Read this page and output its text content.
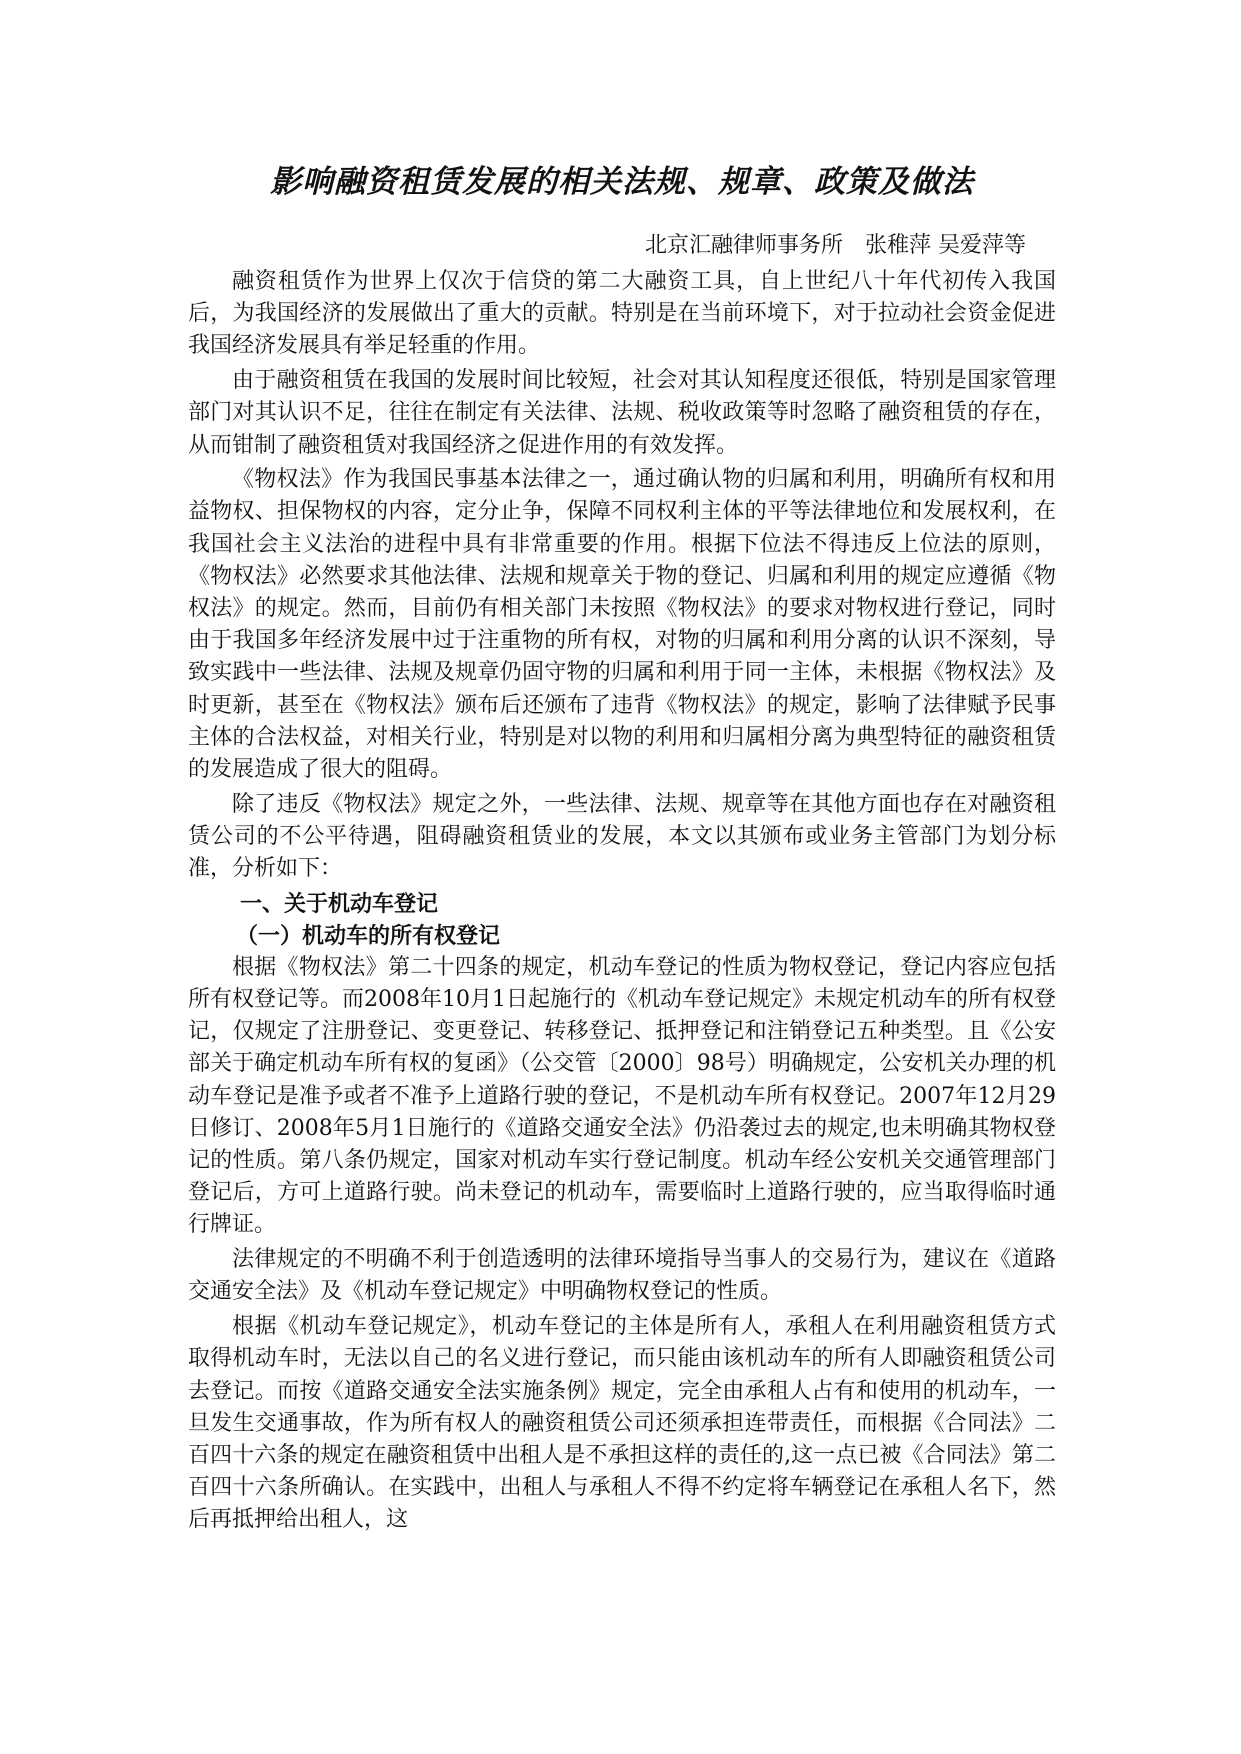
影响融资租赁发展的相关法规、规章、政策及做法
北京汇融律师事务所　张稚萍 吴爱萍等

融资租赁作为世界上仅次于信贷的第二大融资工具，自上世纪八十年代初传入我国后，为我国经济的发展做出了重大的贡献。特别是在当前环境下，对于拉动社会资金促进我国经济发展具有举足轻重的作用。

由于融资租赁在我国的发展时间比较短，社会对其认知程度还很低，特别是国家管理部门对其认识不足，往往在制定有关法律、法规、税收政策等时忽略了融资租赁的存在，从而钳制了融资租赁对我国经济之促进作用的有效发挥。

《物权法》作为我国民事基本法律之一，通过确认物的归属和利用，明确所有权和用益物权、担保物权的内容，定分止争，保障不同权利主体的平等法律地位和发展权利，在我国社会主义法治的进程中具有非常重要的作用。根据下位法不得违反上位法的原则，《物权法》必然要求其他法律、法规和规章关于物的登记、归属和利用的规定应遵循《物权法》的规定。然而，目前仍有相关部门未按照《物权法》的要求对物权进行登记，同时由于我国多年经济发展中过于注重物的所有权，对物的归属和利用分离的认识不深刻，导致实践中一些法律、法规及规章仍固守物的归属和利用于同一主体，未根据《物权法》及时更新，甚至在《物权法》颁布后还颁布了违背《物权法》的规定，影响了法律赋予民事主体的合法权益，对相关行业，特别是对以物的利用和归属相分离为典型特征的融资租赁的发展造成了很大的阻碍。

除了违反《物权法》规定之外，一些法律、法规、规章等在其他方面也存在对融资租赁公司的不公平待遇，阻碍融资租赁业的发展，本文以其颁布或业务主管部门为划分标准，分析如下：

一、关于机动车登记
（一）机动车的所有权登记

根据《物权法》第二十四条的规定，机动车登记的性质为物权登记，登记内容应包括所有权登记等。而2008年10月1日起施行的《机动车登记规定》未规定机动车的所有权登记，仅规定了注册登记、变更登记、转移登记、抵押登记和注销登记五种类型。且《公安部关于确定机动车所有权的复函》（公交管〔2000〕98号）明确规定，公安机关办理的机动车登记是准予或者不准予上道路行驶的登记，不是机动车所有权登记。2007年12月29日修订、2008年5月1日施行的《道路交通安全法》仍沿袭过去的规定,也未明确其物权登记的性质。第八条仍规定，国家对机动车实行登记制度。机动车经公安机关交通管理部门登记后，方可上道路行驶。尚未登记的机动车，需要临时上道路行驶的，应当取得临时通行牌证。

法律规定的不明确不利于创造透明的法律环境指导当事人的交易行为，建议在《道路交通安全法》及《机动车登记规定》中明确物权登记的性质。

根据《机动车登记规定》，机动车登记的主体是所有人，承租人在利用融资租赁方式取得机动车时，无法以自己的名义进行登记，而只能由该机动车的所有人即融资租赁公司去登记。而按《道路交通安全法实施条例》规定，完全由承租人占有和使用的机动车，一旦发生交通事故，作为所有权人的融资租赁公司还须承担连带责任，而根据《合同法》二百四十六条的规定在融资租赁中出租人是不承担这样的责任的,这一点已被《合同法》第二百四十六条所确认。在实践中，出租人与承租人不得不约定将车辆登记在承租人名下，然后再抵押给出租人，这
